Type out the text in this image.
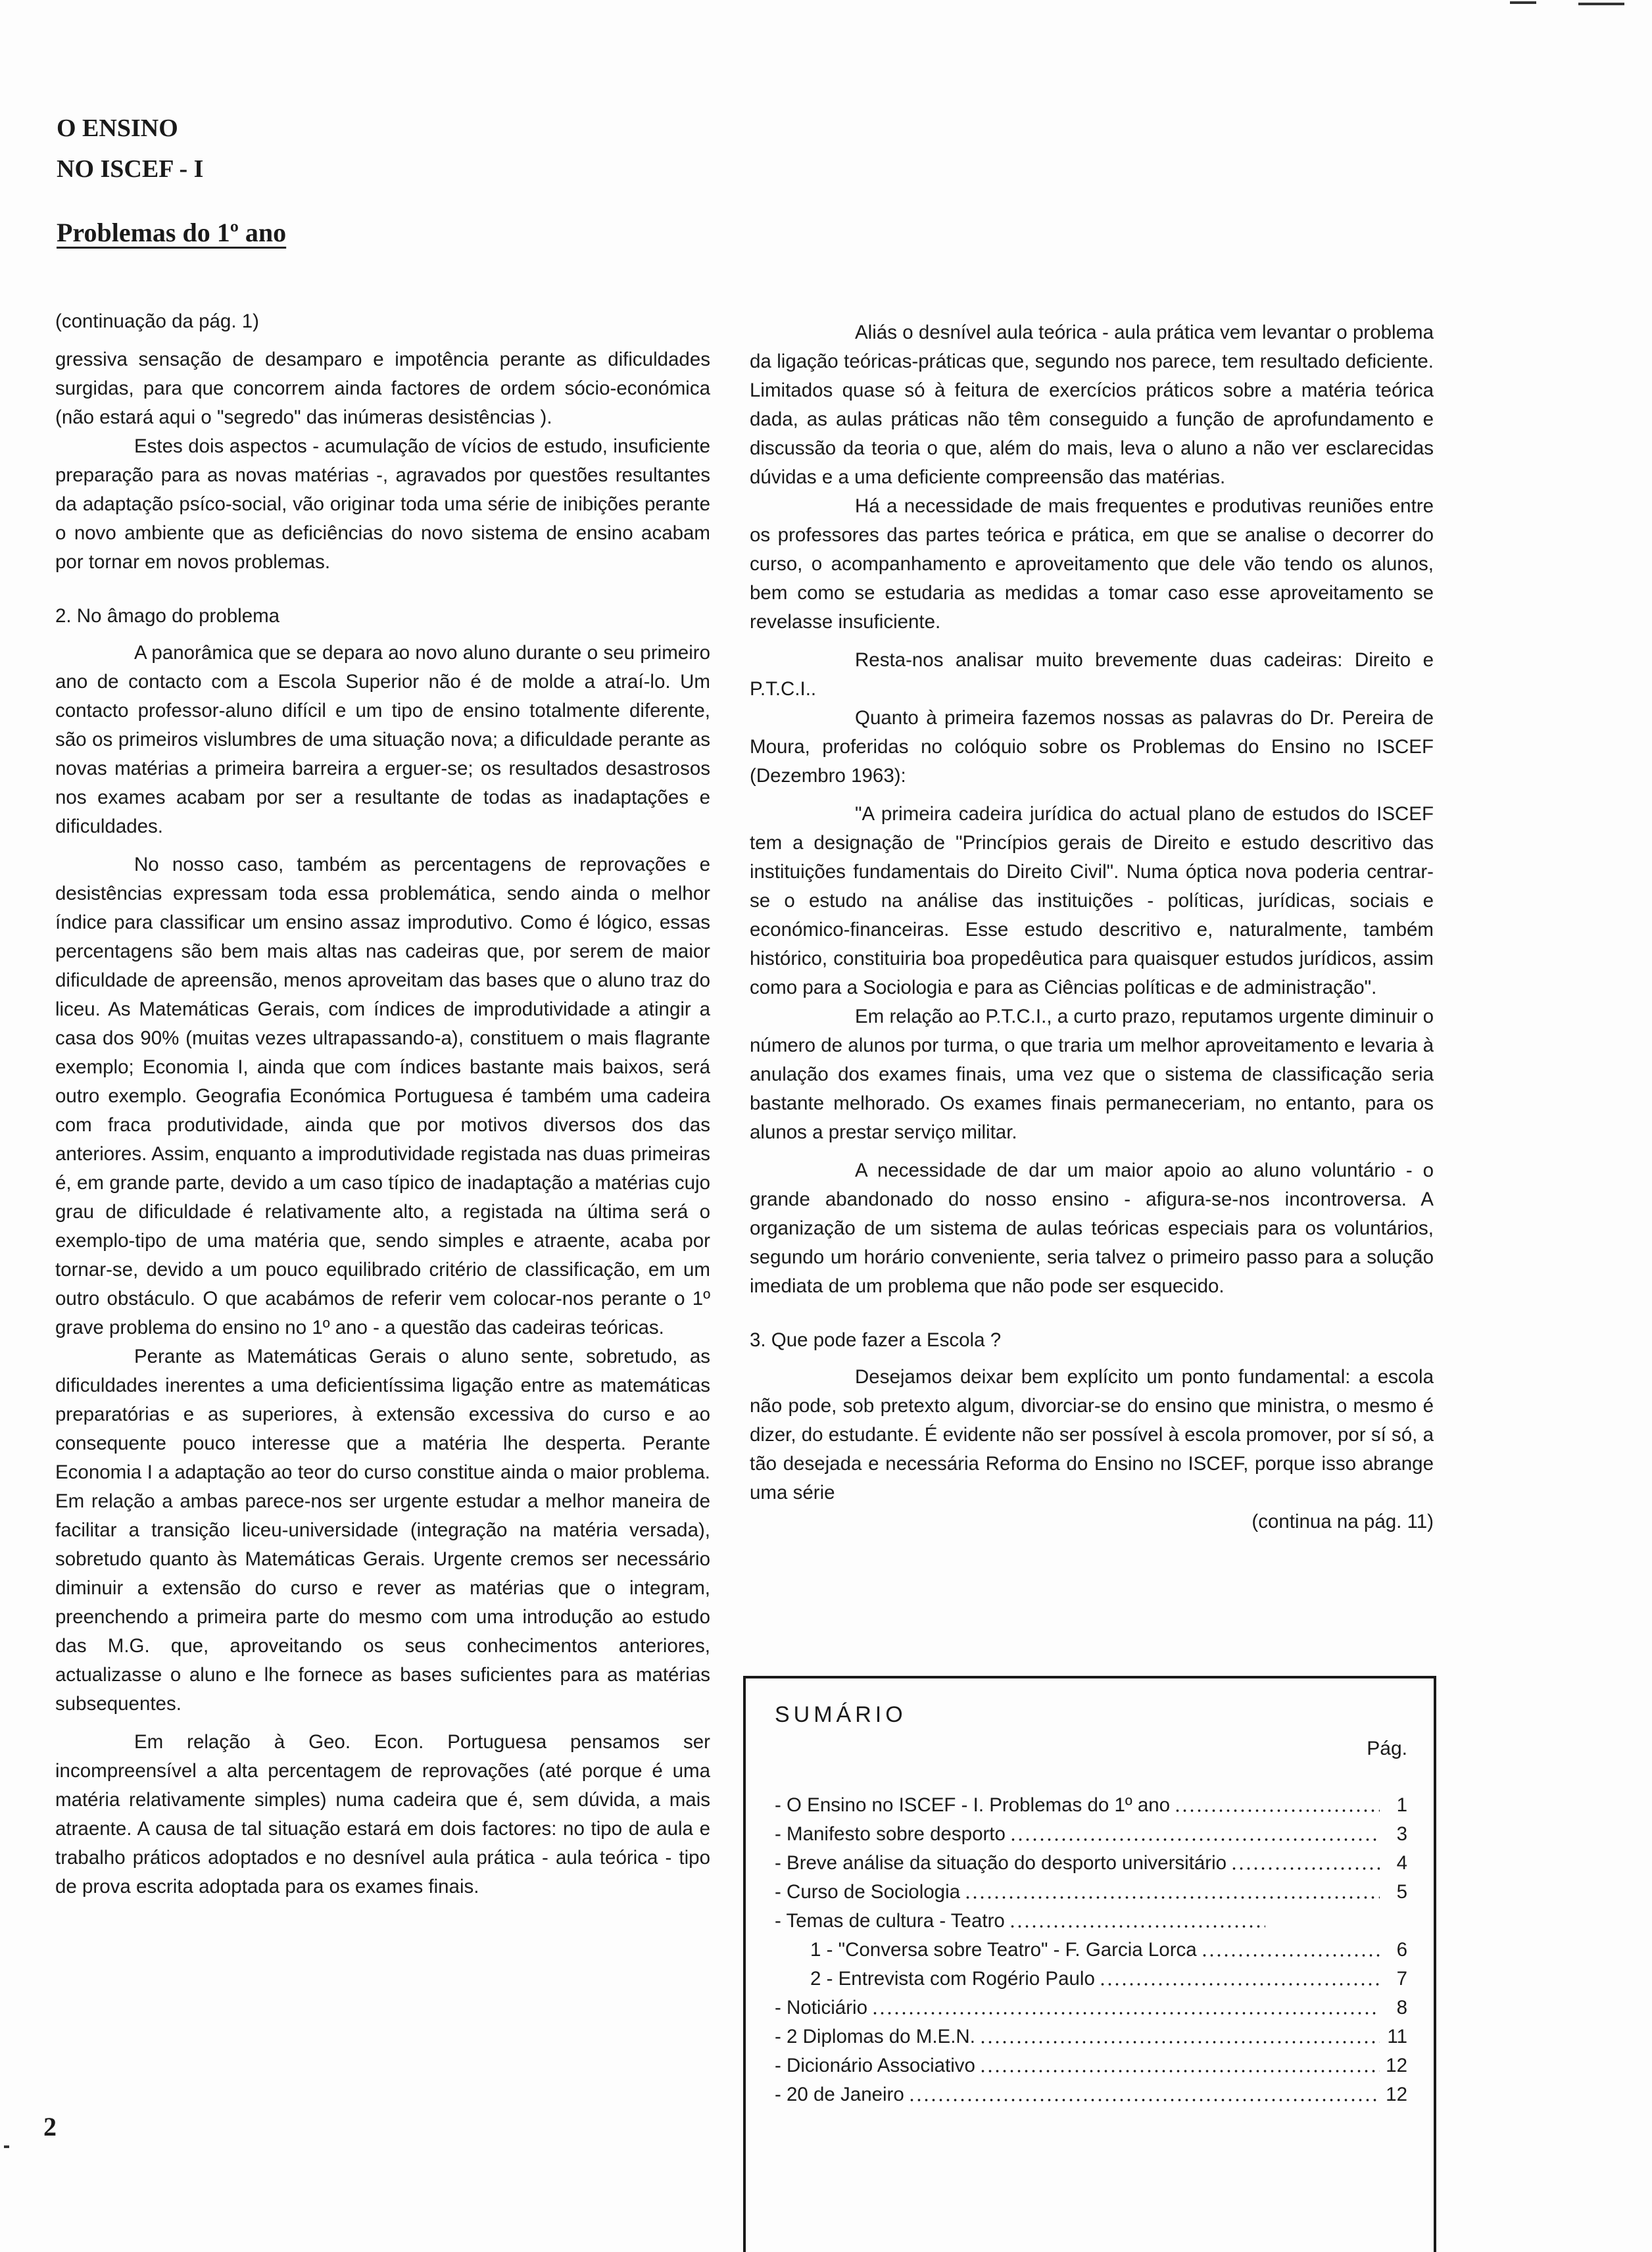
O ENSINO
NO ISCEF - I
Problemas do 1º ano

(continuação da pág. 1)

gressiva sensação de desamparo e impotência perante as dificuldades surgidas, para que concorrem ainda factores de ordem sócio-económica (não estará aqui o "segredo" das inúmeras desistências ).

Estes dois aspectos - acumulação de vícios de estudo, insuficiente preparação para as novas matérias -, agravados por questões resultantes da adaptação psíco-social, vão originar toda uma série de inibições perante o novo ambiente que as deficiências do novo sistema de ensino acabam por tornar em novos problemas.

2. No âmago do problema

A panorâmica que se depara ao novo aluno durante o seu primeiro ano de contacto com a Escola Superior não é de molde a atraí-lo. Um contacto professor-aluno difícil e um tipo de ensino totalmente diferente, são os primeiros vislumbres de uma situação nova; a dificuldade perante as novas matérias a primeira barreira a erguer-se; os resultados desastrosos nos exames acabam por ser a resultante de todas as inadaptações e dificuldades.

No nosso caso, também as percentagens de reprovações e desistências expressam toda essa problemática, sendo ainda o melhor índice para classificar um ensino assaz improdutivo. Como é lógico, essas percentagens são bem mais altas nas cadeiras que, por serem de maior dificuldade de apreensão, menos aproveitam das bases que o aluno traz do liceu. As Matemáticas Gerais, com índices de improdutividade a atingir a casa dos 90% (muitas vezes ultrapassando-a), constituem o mais flagrante exemplo; Economia I, ainda que com índices bastante mais baixos, será outro exemplo. Geografia Económica Portuguesa é também uma cadeira com fraca produtividade, ainda que por motivos diversos dos das anteriores. Assim, enquanto a improdutividade registada nas duas primeiras é, em grande parte, devido a um caso típico de inadaptação a matérias cujo grau de dificuldade é relativamente alto, a registada na última será o exemplo-tipo de uma matéria que, sendo simples e atraente, acaba por tornar-se, devido a um pouco equilibrado critério de classificação, em um outro obstáculo. O que acabámos de referir vem colocar-nos perante o 1º grave problema do ensino no 1º ano - a questão das cadeiras teóricas.

Perante as Matemáticas Gerais o aluno sente, sobretudo, as dificuldades inerentes a uma deficientíssima ligação entre as matemáticas preparatórias e as superiores, à extensão excessiva do curso e ao consequente pouco interesse que a matéria lhe desperta. Perante Economia I a adaptação ao teor do curso constitue ainda o maior problema. Em relação a ambas parece-nos ser urgente estudar a melhor maneira de facilitar a transição liceu-universidade (integração na matéria versada), sobretudo quanto às Matemáticas Gerais. Urgente cremos ser necessário diminuir a extensão do curso e rever as matérias que o integram, preenchendo a primeira parte do mesmo com uma introdução ao estudo das M.G. que, aproveitando os seus conhecimentos anteriores, actualizasse o aluno e lhe fornece as bases suficientes para as matérias subsequentes.

Em relação à Geo. Econ. Portuguesa pensamos ser incompreensível a alta percentagem de reprovações (até porque é uma matéria relativamente simples) numa cadeira que é, sem dúvida, a mais atraente. A causa de tal situação estará em dois factores: no tipo de aula e trabalho práticos adoptados e no desnível aula prática - aula teórica - tipo de prova escrita adoptada para os exames finais.

Aliás o desnível aula teórica - aula prática vem levantar o problema da ligação teóricas-práticas que, segundo nos parece, tem resultado deficiente. Limitados quase só à feitura de exercícios práticos sobre a matéria teórica dada, as aulas práticas não têm conseguido a função de aprofundamento e discussão da teoria o que, além do mais, leva o aluno a não ver esclarecidas dúvidas e a uma deficiente compreensão das matérias.

Há a necessidade de mais frequentes e produtivas reuniões entre os professores das partes teórica e prática, em que se analise o decorrer do curso, o acompanhamento e aproveitamento que dele vão tendo os alunos, bem como se estudaria as medidas a tomar caso esse aproveitamento se revelasse insuficiente.

Resta-nos analisar muito brevemente duas cadeiras: Direito e P.T.C.I..

Quanto à primeira fazemos nossas as palavras do Dr. Pereira de Moura, proferidas no colóquio sobre os Problemas do Ensino no ISCEF (Dezembro 1963):

"A primeira cadeira jurídica do actual plano de estudos do ISCEF tem a designação de "Princípios gerais de Direito e estudo descritivo das instituições fundamentais do Direito Civil". Numa óptica nova poderia centrar-se o estudo na análise das instituições - políticas, jurídicas, sociais e económico-financeiras. Esse estudo descritivo e, naturalmente, também histórico, constituiria boa propedêutica para quaisquer estudos jurídicos, assim como para a Sociologia e para as Ciências políticas e de administração".

Em relação ao P.T.C.I., a curto prazo, reputamos urgente diminuir o número de alunos por turma, o que traria um melhor aproveitamento e levaria à anulação dos exames finais, uma vez que o sistema de classificação seria bastante melhorado. Os exames finais permaneceriam, no entanto, para os alunos a prestar serviço militar.

A necessidade de dar um maior apoio ao aluno voluntário - o grande abandonado do nosso ensino - afigura-se-nos incontroversa. A organização de um sistema de aulas teóricas especiais para os voluntários, segundo um horário conveniente, seria talvez o primeiro passo para a solução imediata de um problema que não pode ser esquecido.

3. Que pode fazer a Escola ?

Desejamos deixar bem explícito um ponto fundamental: a escola não pode, sob pretexto algum, divorciar-se do ensino que ministra, o mesmo é dizer, do estudante. É evidente não ser possível à escola promover, por sí só, a tão desejada e necessária Reforma do Ensino no ISCEF, porque isso abrange uma série

(continua na pág. 11)

SUMÁRIO

Pág.
- O Ensino no ISCEF - I. Problemas do 1º ano	1
- Manifesto sobre desporto	3
- Breve análise da situação do desporto universitário	4
- Curso de Sociologia	5
- Temas de cultura - Teatro
1 - "Conversa sobre Teatro" - F. Garcia Lorca	6
2 - Entrevista com Rogério Paulo	7
- Noticiário	8
- 2 Diplomas do M.E.N.	11
- Dicionário Associativo	12
- 20 de Janeiro	12
2
